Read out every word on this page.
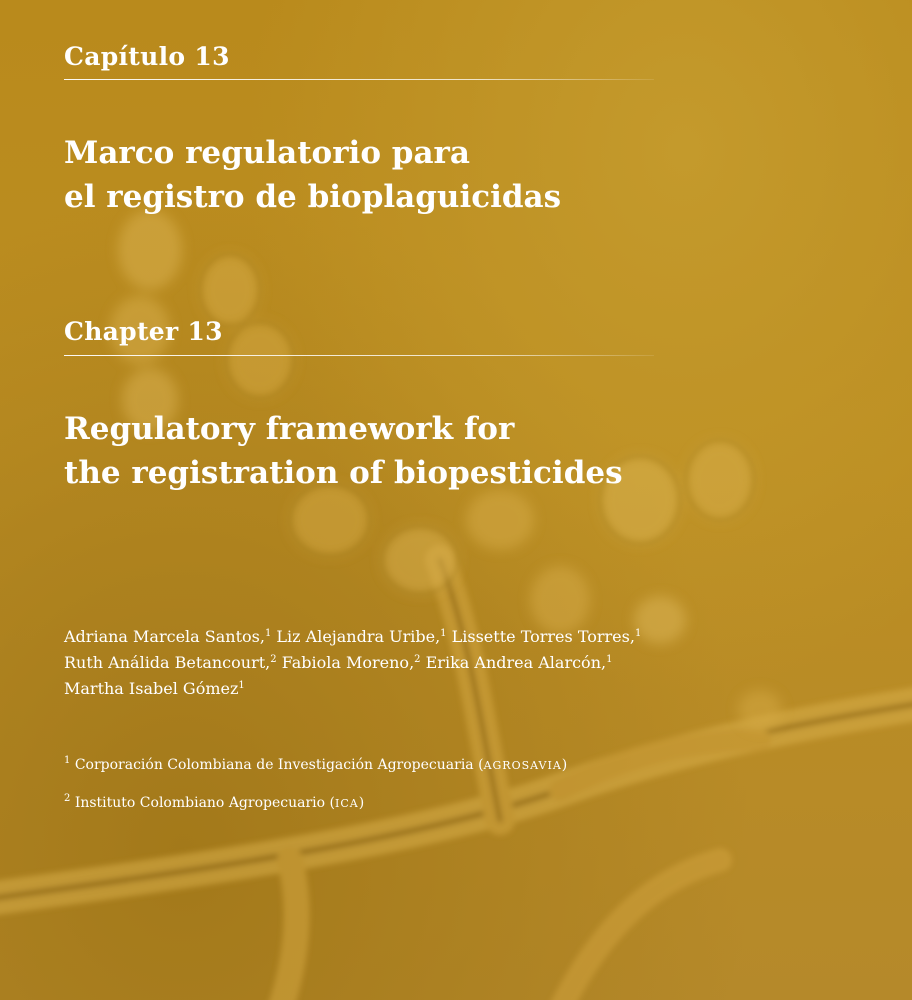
Capítulo 13
Marco regulatorio para
el registro de bioplaguicidas
Chapter 13
Regulatory framework for
the registration of biopesticides
Adriana Marcela Santos,$^1$ Liz Alejandra Uribe,$^1$ Lissette Torres Torres,$^1$ Ruth Análida Betancourt,$^2$ Fabiola Moreno,$^2$ Erika Andrea Alarcón,$^1$ Martha Isabel Gómez$^1$
$^1$ Corporación Colombiana de Investigación Agropecuaria (AGROSAVIA)
$^2$ Instituto Colombiano Agropecuario (ICA)
